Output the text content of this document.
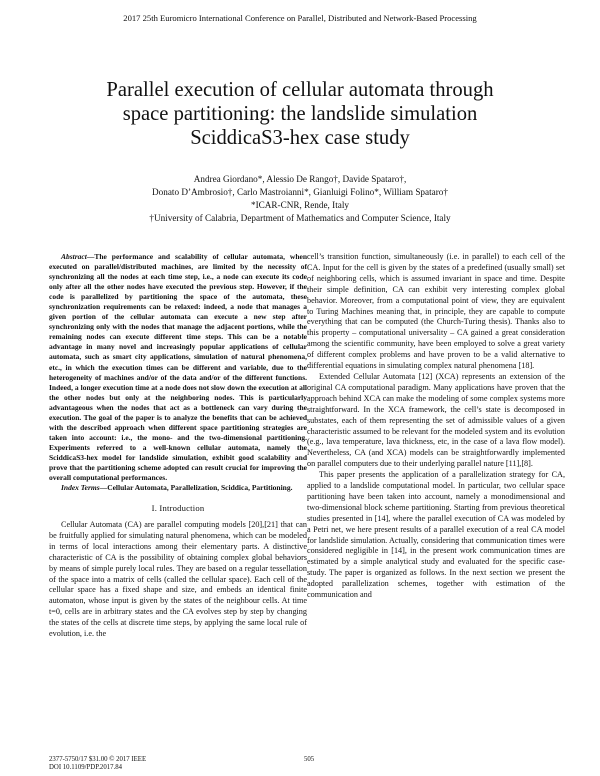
2017 25th Euromicro International Conference on Parallel, Distributed and Network-Based Processing
Parallel execution of cellular automata through
space partitioning: the landslide simulation
SciddicaS3-hex case study
Andrea Giordano*, Alessio De Rango†, Davide Spataro†,
Donato D’Ambrosio†, Carlo Mastroianni*, Gianluigi Folino*, William Spataro†
*ICAR-CNR, Rende, Italy
†University of Calabria, Department of Mathematics and Computer Science, Italy

Abstract—The performance and scalability of cellular automata, when executed on parallel/distributed machines, are limited by the necessity of synchronizing all the nodes at each time step, i.e., a node can execute its code only after all the other nodes have executed the previous step. However, if the code is parallelized by partitioning the space of the automata, these synchronization requirements can be relaxed: indeed, a node that manages a given portion of the cellular automata can execute a new step after synchronizing only with the nodes that manage the adjacent portions, while the remaining nodes can execute different time steps. This can be a notable advantage in many novel and increasingly popular applications of cellular automata, such as smart city applications, simulation of natural phenomena, etc., in which the execution times can be different and variable, due to the heterogeneity of machines and/or of the data and/or of the different functions. Indeed, a longer execution time at a node does not slow down the execution at all the other nodes but only at the neighboring nodes. This is particularly advantageous when the nodes that act as a bottleneck can vary during the execution. The goal of the paper is to analyze the benefits that can be achieved with the described approach when different space partitioning strategies are taken into account: i.e., the mono- and the two-dimensional partitioning. Experiments referred to a well-known cellular automata, namely the SciddicaS3-hex model for landslide simulation, exhibit good scalability and prove that the partitioning scheme adopted can result crucial for improving the overall computational performances.

Index Terms—Cellular Automata, Parallelization, Sciddica, Partitioning.

I. Introduction

Cellular Automata (CA) are parallel computing models [20],[21] that can be fruitfully applied for simulating natural phenomena, which can be modeled in terms of local interactions among their elementary parts. A distinctive characteristic of CA is the possibility of obtaining complex global behaviors by means of simple purely local rules. They are based on a regular tessellation of the space into a matrix of cells (called the cellular space). Each cell of the cellular space has a fixed shape and size, and embeds an identical finite automaton, whose input is given by the states of the neighbour cells. At time t=0, cells are in arbitrary states and the CA evolves step by step by changing the states of the cells at discrete time steps, by applying the same local rule of evolution, i.e. the

cell’s transition function, simultaneously (i.e. in parallel) to each cell of the CA. Input for the cell is given by the states of a predefined (usually small) set of neighboring cells, which is assumed invariant in space and time. Despite their simple definition, CA can exhibit very interesting complex global behavior. Moreover, from a computational point of view, they are equivalent to Turing Machines meaning that, in principle, they are capable to compute everything that can be computed (the Church-Turing thesis). Thanks also to this property – computational universality – CA gained a great consideration among the scientific community, have been employed to solve a great variety of different complex problems and have proven to be a valid alternative to differential equations in simulating complex natural phenomena [18].

Extended Cellular Automata [12] (XCA) represents an extension of the original CA computational paradigm. Many applications have proven that the approach behind XCA can make the modeling of some complex systems more straightforward. In the XCA framework, the cell’s state is decomposed in substates, each of them representing the set of admissible values of a given characteristic assumed to be relevant for the modeled system and its evolution (e.g., lava temperature, lava thickness, etc, in the case of a lava flow model). Nevertheless, CA (and XCA) models can be straightforwardly implemented on parallel computers due to their underlying parallel nature [11],[8].

This paper presents the application of a parallelization strategy for CA, applied to a landslide computational model. In particular, two cellular space partitioning have been taken into account, namely a monodimensional and two-dimensional block scheme partitioning. Starting from previous theoretical studies presented in [14], where the parallel execution of CA was modeled by a Petri net, we here present results of a parallel execution of a real CA model for landslide simulation. Actually, considering that communication times were considered negligible in [14], in the present work communication times are estimated by a simple analytical study and evaluated for the specific case-study. The paper is organized as follows. In the next section we present the adopted parallelization schemes, together with estimation of the communication and

2377-5750/17 $31.00 © 2017 IEEE
DOI 10.1109/PDP.2017.84
505
